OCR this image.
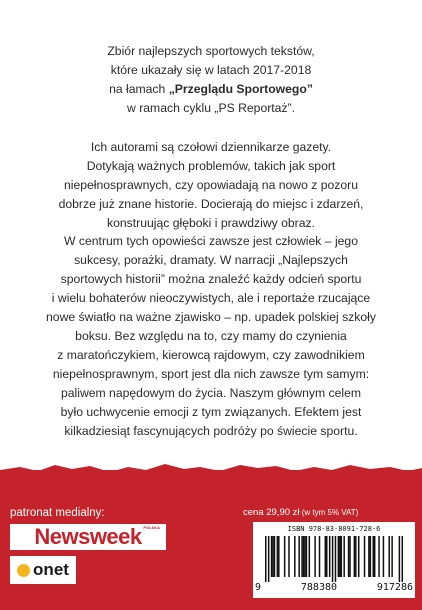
Zbiór najlepszych sportowych tekstów,
które ukazały się w latach 2017-2018
na łamach „Przeglądu Sportowego”
w ramach cyklu „PS Reportaż”.

Ich autorami są czołowi dziennikarze gazety.
Dotykają ważnych problemów, takich jak sport
niepełnosprawnych, czy opowiadają na nowo z pozoru
dobrze już znane historie. Docierają do miejsc i zdarzeń,
konstruując głęboki i prawdziwy obraz.

W centrum tych opowieści zawsze jest człowiek – jego
sukcesy, porażki, dramaty. W narracji „Najlepszych
sportowych historii” można znaleźć każdy odcień sportu
i wielu bohaterów nieoczywistych, ale i reportaże rzucające
nowe światło na ważne zjawisko – np. upadek polskiej szkoły
boksu. Bez względu na to, czy mamy do czynienia
z maratończykiem, kierowcą rajdowym, czy zawodnikiem
niepełnosprawnym, sport jest dla nich zawsze tym samym:
paliwem napędowym do życia. Naszym głównym celem
było uchwycenie emocji z tym związanych. Efektem jest
kilkadziesiąt fascynujących podróży po świecie sportu.

patronat medialny:
Newsweek POLSKA
onet
cena 29,90 zł (w tym 5% VAT)
ISBN 978-83-8091-728-6
9	788380	917286
